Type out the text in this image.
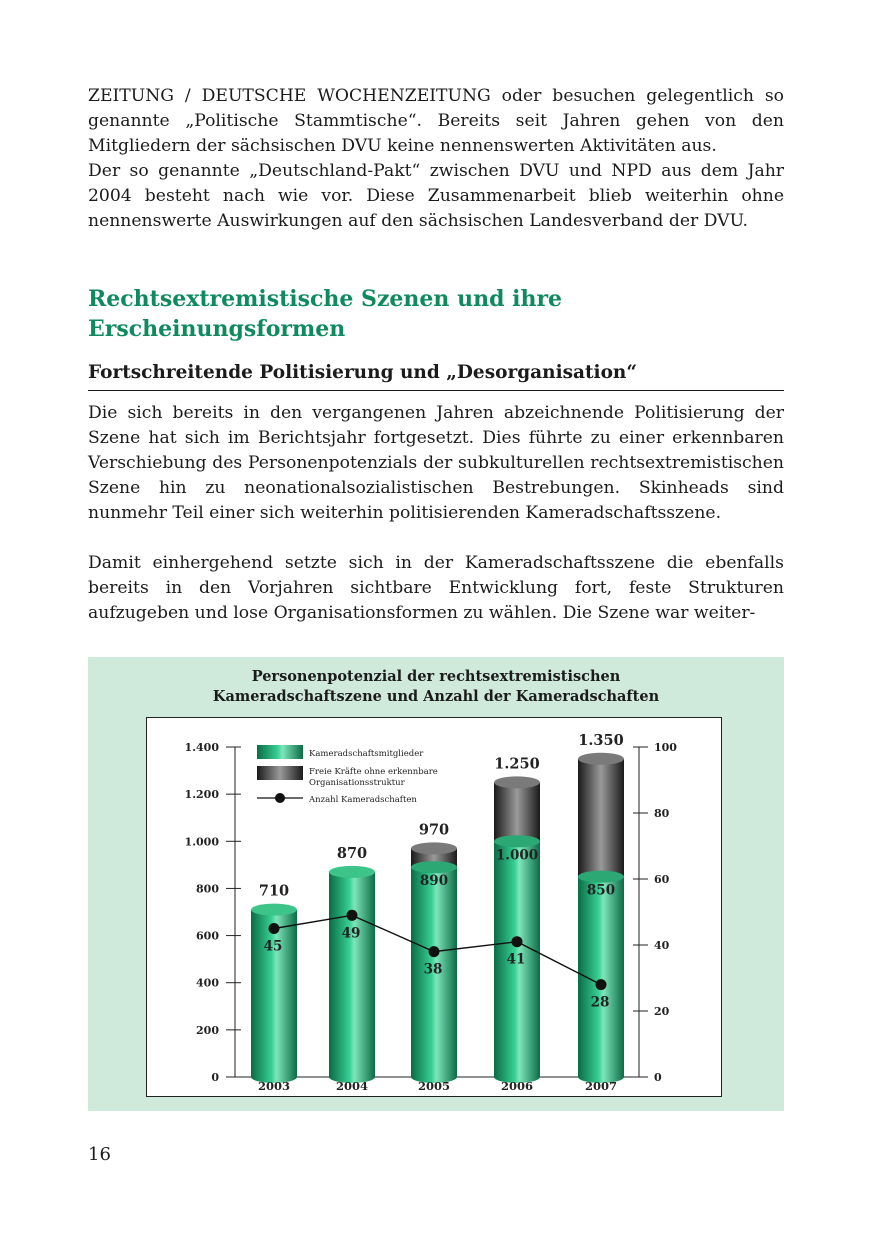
ZEITUNG / DEUTSCHE WOCHENZEITUNG oder besuchen gelegentlich so genannte „Politische Stammtische“. Bereits seit Jahren gehen von den Mitgliedern der sächsischen DVU keine nennenswerten Aktivitäten aus.

Der so genannte „Deutschland-Pakt“ zwischen DVU und NPD aus dem Jahr 2004 besteht nach wie vor. Diese Zusammenarbeit blieb weiterhin ohne nennenswerte Auswirkungen auf den sächsischen Landesverband der DVU.

Rechtsextremistische Szenen und ihre
Erscheinungsformen
Fortschreitende Politisierung und „Desorganisation“

Die sich bereits in den vergangenen Jahren abzeichnende Politisierung der Szene hat sich im Berichtsjahr fortgesetzt. Dies führte zu einer erkennbaren Verschiebung des Personenpotenzials der subkulturellen rechtsextremistischen Szene hin zu neonationalsozialistischen Bestrebungen. Skinheads sind nunmehr Teil einer sich weiterhin politisierenden Kameradschaftsszene.

Damit einhergehend setzte sich in der Kameradschaftsszene die ebenfalls bereits in den Vorjahren sichtbare Entwicklung fort, feste Strukturen aufzugeben und lose Organisationsformen zu wählen. Die Szene war weiter-

Personenpotenzial der rechtsextremistischen
Kameradschaftszene und Anzahl der Kameradschaften
0
200
400
600
800
1.000
1.200
1.400
0
20
40
60
80
100
2003
710
2004
870
2005
970
890
2006
1.250
1.000
2007
1.350
850
45
49
38
41
28
Kameradschaftsmitglieder
Freie Kräfte ohne erkennbare
Organisationsstruktur
Anzahl Kameradschaften

16
